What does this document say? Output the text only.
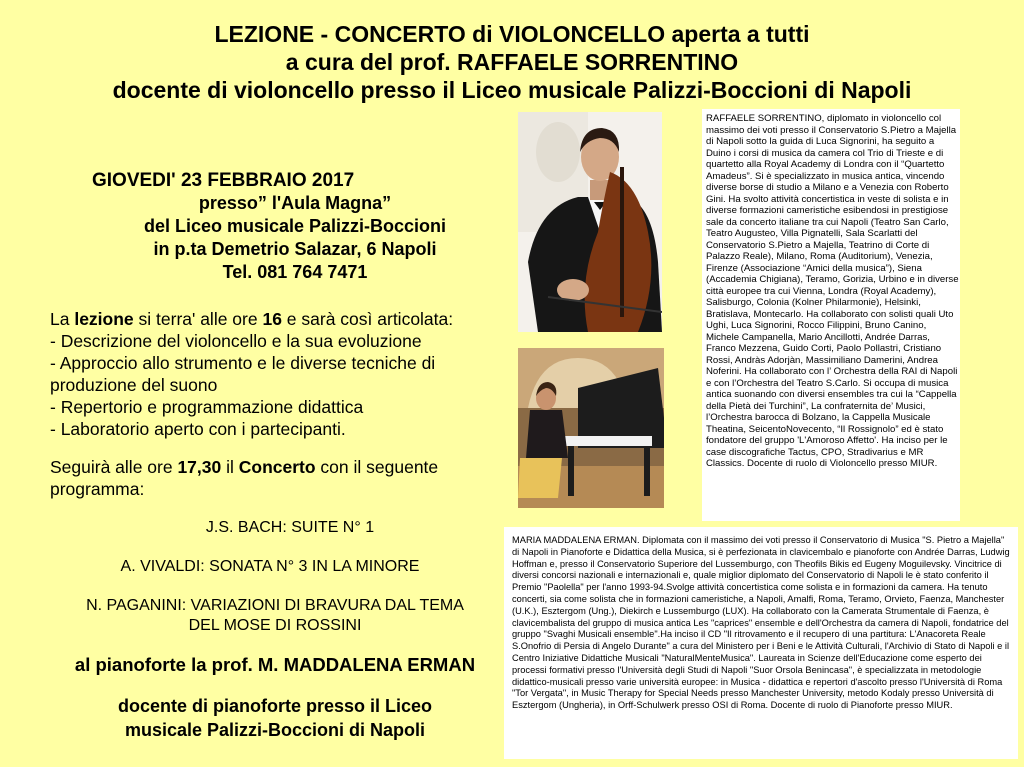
LEZIONE - CONCERTO di VIOLONCELLO aperta a tutti
a cura del prof. RAFFAELE SORRENTINO
docente di violoncello presso il Liceo musicale Palizzi-Boccioni di Napoli
GIOVEDI' 23 FEBBRAIO 2017
presso” l'Aula Magna”
del Liceo musicale Palizzi-Boccioni
in p.ta Demetrio Salazar, 6 Napoli
Tel. 081 764 7471
La lezione si terra' alle ore 16 e sarà così articolata:
- Descrizione del violoncello e la sua evoluzione
- Approccio allo strumento e le diverse tecniche di
produzione del suono
- Repertorio e programmazione didattica
- Laboratorio aperto con i partecipanti.
Seguirà alle ore 17,30 il Concerto con il seguente
programma:
J.S. BACH: SUITE N° 1
A. VIVALDI: SONATA N° 3 IN LA MINORE
N. PAGANINI: VARIAZIONI DI BRAVURA DAL TEMA
DEL MOSE DI ROSSINI
al pianoforte la prof. M. MADDALENA ERMAN
docente di pianoforte presso il Liceo
musicale Palizzi-Boccioni di Napoli
RAFFAELE SORRENTINO, diplomato in violoncello col massimo dei voti presso il Conservatorio S.Pietro a Majella di Napoli sotto la guida di Luca Signorini, ha seguito a Duino i corsi di musica da camera col Trio di Trieste e di quartetto alla Royal Academy di Londra con il “Quartetto Amadeus”. Si è specializzato in musica antica, vincendo diverse borse di studio a Milano e a Venezia con Roberto Gini. Ha svolto attività concertistica in veste di solista e in diverse formazioni cameristiche esibendosi in prestigiose sale da concerto italiane tra cui Napoli (Teatro San Carlo, Teatro Augusteo, Villa Pignatelli, Sala Scarlatti del Conservatorio S.Pietro a Majella, Teatrino di Corte di Palazzo Reale), Milano, Roma (Auditorium), Venezia, Firenze (Associazione “Amici della musica”), Siena (Accademia Chigiana), Teramo, Gorizia, Urbino e in diverse città europee tra cui Vienna, Londra (Royal Academy), Salisburgo, Colonia (Kolner Philarmonie), Helsinki, Bratislava, Montecarlo. Ha collaborato con solisti quali Uto Ughi, Luca Signorini, Rocco Filippini, Bruno Canino, Michele Campanella, Mario Ancillotti, Andrée Darras, Franco Mezzena, Guido Corti, Paolo Pollastri, Cristiano Rossi, Andràs Adorjàn, Massimiliano Damerini, Andrea Noferini. Ha collaborato con l’ Orchestra della RAI di Napoli e con l’Orchestra del Teatro S.Carlo. Si occupa di musica antica suonando con diversi ensembles tra cui la “Cappella della Pietà dei Turchini”, La confraternita de’ Musici, l’Orchestra barocca di Bolzano, la Cappella Musicale Theatina, SeicentoNovecento, “Il Rossignolo” ed è stato fondatore del gruppo 'L'Amoroso Affetto'. Ha inciso per le case discografiche Tactus, CPO, Stradivarius e MR Classics. Docente di ruolo di Violoncello presso MIUR.
MARIA MADDALENA ERMAN. Diplomata con il massimo dei voti presso il Conservatorio di Musica "S. Pietro a Majella" di Napoli in Pianoforte e Didattica della Musica, si è perfezionata in clavicembalo e pianoforte con Andrée Darras, Ludwig Hoffman e, presso il Conservatorio Superiore del Lussemburgo, con Theofils Bikis ed Eugeny Moguilevsky. Vincitrice di diversi concorsi nazionali e internazionali e, quale miglior diplomato del Conservatorio di Napoli le è stato conferito il Premio "Paolella" per l'anno 1993-94.Svolge attività concertistica come solista e in formazioni da camera. Ha tenuto concerti, sia come solista che in formazioni cameristiche, a Napoli, Amalfi, Roma, Teramo, Orvieto, Faenza, Manchester (U.K.), Esztergom (Ung.), Diekirch e Lussemburgo (LUX). Ha collaborato con la Camerata Strumentale di Faenza, è clavicembalista del gruppo di musica antica Les "caprices" ensemble e dell'Orchestra da camera di Napoli, fondatrice del gruppo "Svaghi Musicali ensemble".Ha inciso il CD "Il ritrovamento e il recupero di una partitura: L'Anacoreta Reale S.Onofrio di Persia di Angelo Durante" a cura del Ministero per i Beni e le Attività Culturali, l'Archivio di Stato di Napoli e il Centro Iniziative Didattiche Musicali "NaturalMenteMusica". Laureata in Scienze dell'Educazione come esperto dei processi formativi presso l'Università degli Studi di Napoli "Suor Orsola Benincasa", è specializzata in metodologie didattico-musicali presso varie università europee: in Musica - didattica e repertori d'ascolto presso l'Università di Roma "Tor Vergata", in Music Therapy for Special Needs presso Manchester University, metodo Kodaly presso Università di Esztergom (Ungheria), in Orff-Schulwerk presso OSI di Roma. Docente di ruolo di Pianoforte presso MIUR.
